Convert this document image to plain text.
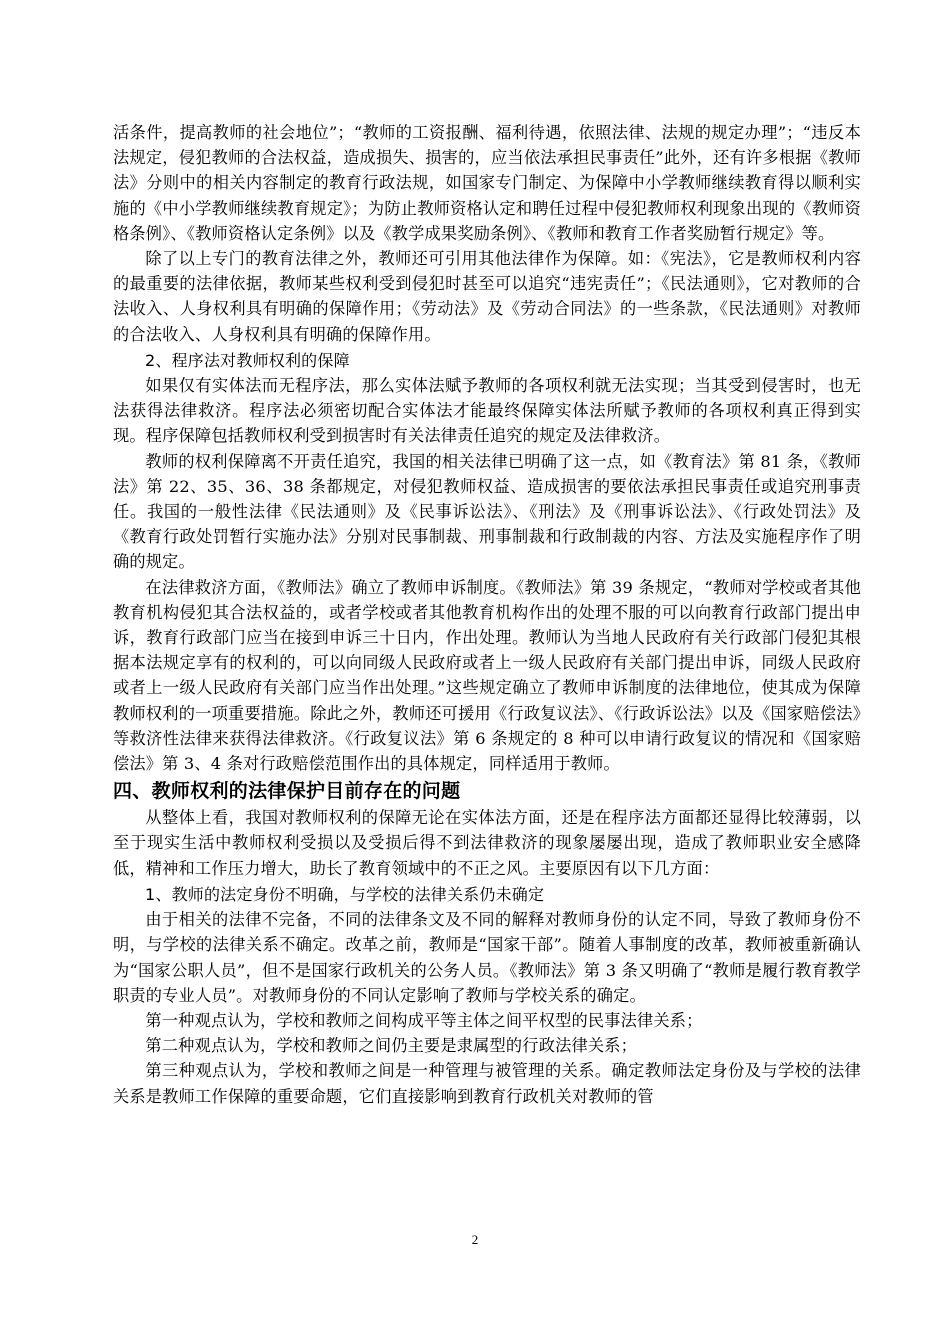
活条件，提高教师的社会地位”；“教师的工资报酬、福利待遇，依照法律、法规的规定办理”；“违反本法规定，侵犯教师的合法权益，造成损失、损害的，应当依法承担民事责任”此外，还有许多根据《教师法》分则中的相关内容制定的教育行政法规，如国家专门制定、为保障中小学教师继续教育得以顺利实施的《中小学教师继续教育规定》；为防止教师资格认定和聘任过程中侵犯教师权利现象出现的《教师资格条例》、《教师资格认定条例》以及《教学成果奖励条例》、《教师和教育工作者奖励暂行规定》等。

除了以上专门的教育法律之外，教师还可引用其他法律作为保障。如：《宪法》，它是教师权利内容的最重要的法律依据，教师某些权利受到侵犯时甚至可以追究“违宪责任”；《民法通则》，它对教师的合法收入、人身权利具有明确的保障作用；《劳动法》及《劳动合同法》的一些条款，《民法通则》对教师的合法收入、人身权利具有明确的保障作用。

2、程序法对教师权利的保障

如果仅有实体法而无程序法，那么实体法赋予教师的各项权利就无法实现；当其受到侵害时，也无法获得法律救济。程序法必须密切配合实体法才能最终保障实体法所赋予教师的各项权利真正得到实现。程序保障包括教师权利受到损害时有关法律责任追究的规定及法律救济。

教师的权利保障离不开责任追究，我国的相关法律已明确了这一点，如《教育法》第 81 条，《教师法》第 22、35、36、38 条都规定，对侵犯教师权益、造成损害的要依法承担民事责任或追究刑事责任。我国的一般性法律《民法通则》及《民事诉讼法》、《刑法》及《刑事诉讼法》、《行政处罚法》及《教育行政处罚暂行实施办法》分别对民事制裁、刑事制裁和行政制裁的内容、方法及实施程序作了明确的规定。

在法律救济方面，《教师法》确立了教师申诉制度。《教师法》第 39 条规定，“教师对学校或者其他教育机构侵犯其合法权益的，或者学校或者其他教育机构作出的处理不服的可以向教育行政部门提出申诉，教育行政部门应当在接到申诉三十日内，作出处理。教师认为当地人民政府有关行政部门侵犯其根据本法规定享有的权利的，可以向同级人民政府或者上一级人民政府有关部门提出申诉，同级人民政府或者上一级人民政府有关部门应当作出处理。”这些规定确立了教师申诉制度的法律地位，使其成为保障教师权利的一项重要措施。除此之外，教师还可援用《行政复议法》、《行政诉讼法》以及《国家赔偿法》等救济性法律来获得法律救济。《行政复议法》第 6 条规定的 8 种可以申请行政复议的情况和《国家赔偿法》第 3、4 条对行政赔偿范围作出的具体规定，同样适用于教师。

四、教师权利的法律保护目前存在的问题

从整体上看，我国对教师权利的保障无论在实体法方面，还是在程序法方面都还显得比较薄弱，以至于现实生活中教师权利受损以及受损后得不到法律救济的现象屡屡出现，造成了教师职业安全感降低，精神和工作压力增大，助长了教育领域中的不正之风。主要原因有以下几方面：

1、教师的法定身份不明确，与学校的法律关系仍未确定

由于相关的法律不完备，不同的法律条文及不同的解释对教师身份的认定不同，导致了教师身份不明，与学校的法律关系不确定。改革之前，教师是“国家干部”。随着人事制度的改革，教师被重新确认为“国家公职人员”，但不是国家行政机关的公务人员。《教师法》第 3 条又明确了“教师是履行教育教学职责的专业人员”。对教师身份的不同认定影响了教师与学校关系的确定。

第一种观点认为，学校和教师之间构成平等主体之间平权型的民事法律关系；

第二种观点认为，学校和教师之间仍主要是隶属型的行政法律关系；

第三种观点认为，学校和教师之间是一种管理与被管理的关系。确定教师法定身份及与学校的法律关系是教师工作保障的重要命题，它们直接影响到教育行政机关对教师的管

2
